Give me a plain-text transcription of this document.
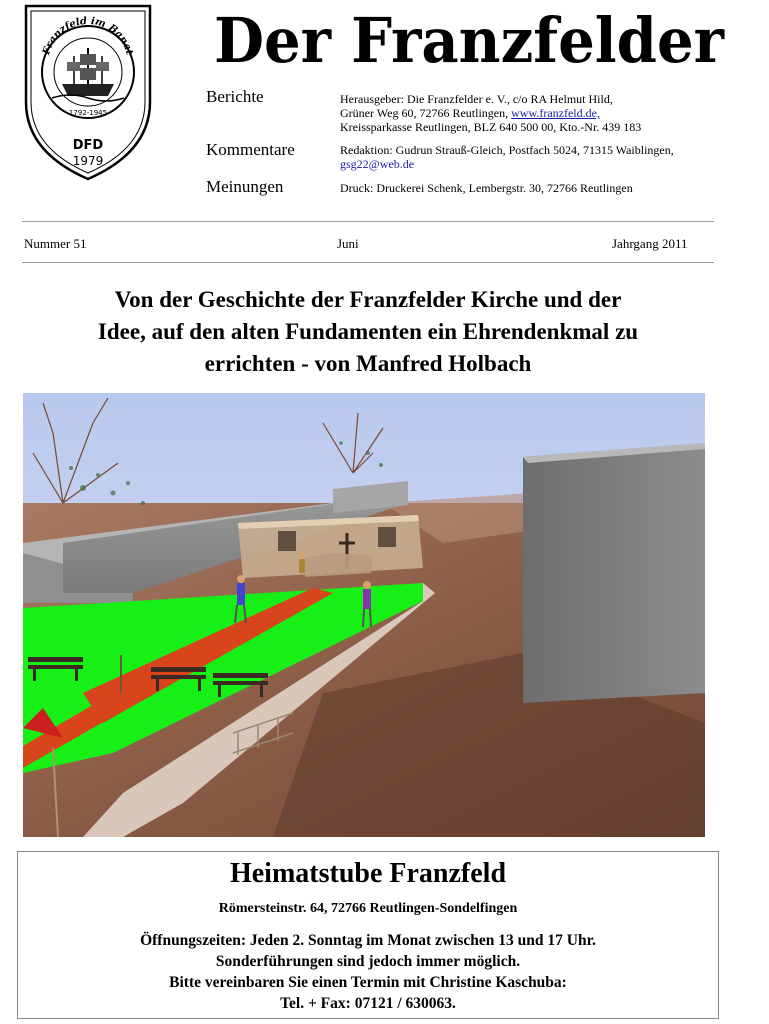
Franzfeld im Banat
1792-1945
DFD
1979
Der Franzfelder
Berichte
Kommentare
Meinungen
Herausgeber: Die Franzfelder e. V., c/o RA Helmut Hild,
Grüner Weg 60, 72766 Reutlingen, www.franzfeld.de,
Kreissparkasse Reutlingen, BLZ 640 500 00, Kto.-Nr. 439 183
Redaktion: Gudrun Strauß-Gleich, Postfach 5024, 71315 Waiblingen,
gsg22@web.de
Druck: Druckerei Schenk, Lembergstr. 30, 72766 Reutlingen
Nummer 51	Juni	Jahrgang 2011
Von der Geschichte der Franzfelder Kirche und der
Idee, auf den alten Fundamenten ein Ehrendenkmal zu
errichten - von Manfred Holbach
Heimatstube Franzfeld
Römersteinstr. 64, 72766 Reutlingen-Sondelfingen
Öffnungszeiten: Jeden 2. Sonntag im Monat zwischen 13 und 17 Uhr.
Sonderführungen sind jedoch immer möglich.
Bitte vereinbaren Sie einen Termin mit Christine Kaschuba:
Tel. + Fax: 07121 / 630063.
